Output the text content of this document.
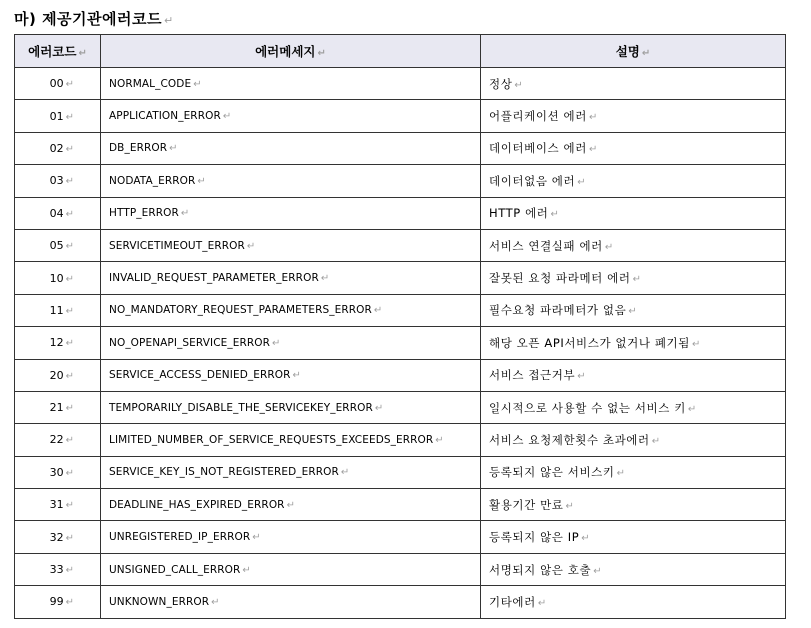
마) 제공기관에러코드 ↵
에러코드 ↵	에러메세지 ↵	설명 ↵
00 ↵	NORMAL_CODE ↵	정상 ↵
01 ↵	APPLICATION_ERROR ↵	어플리케이션 에러 ↵
02 ↵	DB_ERROR ↵	데이터베이스 에러 ↵
03 ↵	NODATA_ERROR ↵	데이터없음 에러 ↵
04 ↵	HTTP_ERROR ↵	HTTP 에러 ↵
05 ↵	SERVICETIMEOUT_ERROR ↵	서비스 연결실패 에러 ↵
10 ↵	INVALID_REQUEST_PARAMETER_ERROR ↵	잘못된 요청 파라메터 에러 ↵
11 ↵	NO_MANDATORY_REQUEST_PARAMETERS_ERROR ↵	필수요청 파라메터가 없음 ↵
12 ↵	NO_OPENAPI_SERVICE_ERROR ↵	해당 오픈 API서비스가 없거나 폐기됨 ↵
20 ↵	SERVICE_ACCESS_DENIED_ERROR ↵	서비스 접근거부 ↵
21 ↵	TEMPORARILY_DISABLE_THE_SERVICEKEY_ERROR ↵	일시적으로 사용할 수 없는 서비스 키 ↵
22 ↵	LIMITED_NUMBER_OF_SERVICE_REQUESTS_EXCEEDS_ERROR ↵	서비스 요청제한횟수 초과에러 ↵
30 ↵	SERVICE_KEY_IS_NOT_REGISTERED_ERROR ↵	등록되지 않은 서비스키 ↵
31 ↵	DEADLINE_HAS_EXPIRED_ERROR ↵	활용기간 만료 ↵
32 ↵	UNREGISTERED_IP_ERROR ↵	등록되지 않은 IP ↵
33 ↵	UNSIGNED_CALL_ERROR ↵	서명되지 않은 호출 ↵
99 ↵	UNKNOWN_ERROR ↵	기타에러 ↵
